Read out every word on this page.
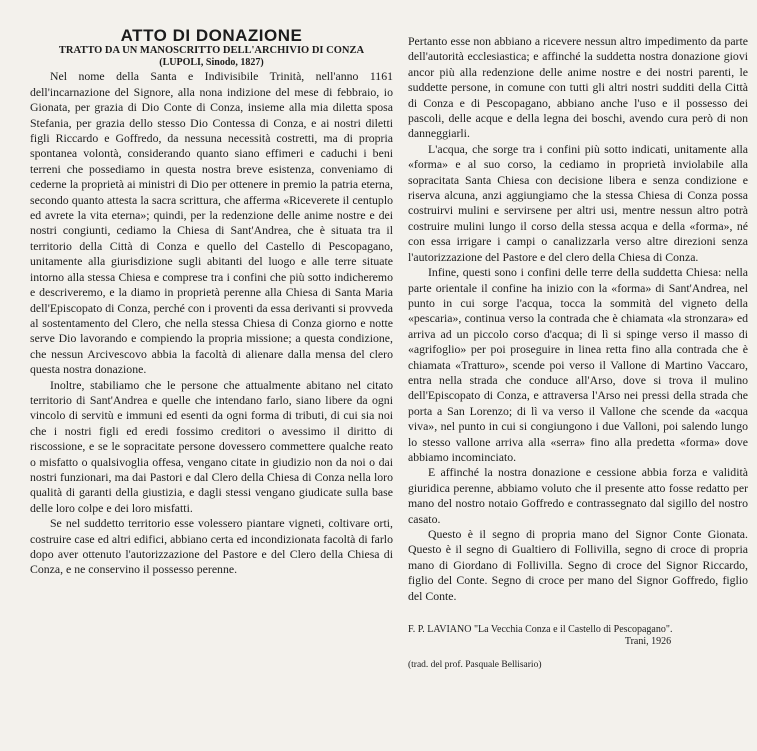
ATTO DI DONAZIONE

TRATTO DA UN MANOSCRITTO DELL'ARCHIVIO DI CONZA

(LUPOLI, Sinodo, 1827)

Nel nome della Santa e Indivisibile Trinità, nell'anno 1161 dell'incarnazione del Signore, alla nona indizione del mese di febbraio, io Gionata, per grazia di Dio Conte di Conza, insieme alla mia diletta sposa Stefania, per grazia dello stesso Dio Contessa di Conza, e ai nostri diletti figli Riccardo e Goffredo, da nessuna necessità costretti, ma di propria spontanea volontà, considerando quanto siano effimeri e caduchi i beni terreni che possediamo in questa nostra breve esistenza, conveniamo di cederne la proprietà ai ministri di Dio per ottenere in premio la patria eterna, secondo quanto attesta la sacra scrittura, che afferma «Riceverete il centuplo ed avrete la vita eterna»; quindi, per la redenzione delle anime nostre e dei nostri congiunti, cediamo la Chiesa di Sant'Andrea, che è situata tra il territorio della Città di Conza e quello del Castello di Pescopagano, unitamente alla giurisdizione sugli abitanti del luogo e alle terre situate intorno alla stessa Chiesa e comprese tra i confini che più sotto indicheremo e descriveremo, e la diamo in proprietà perenne alla Chiesa di Santa Maria dell'Episcopato di Conza, perché con i proventi da essa derivanti si provveda al sostentamento del Clero, che nella stessa Chiesa di Conza giorno e notte serve Dio lavorando e compiendo la propria missione; a questa condizione, che nessun Arcivescovo abbia la facoltà di alienare dalla mensa del clero questa nostra donazione.

Inoltre, stabiliamo che le persone che attualmente abitano nel citato territorio di Sant'Andrea e quelle che intendano farlo, siano libere da ogni vincolo di servitù e immuni ed esenti da ogni forma di tributi, di cui sia noi che i nostri figli ed eredi fossimo creditori o avessimo il diritto di riscossione, e se le sopracitate persone dovessero commettere qualche reato o misfatto o qualsivoglia offesa, vengano citate in giudizio non da noi o dai nostri funzionari, ma dai Pastori e dal Clero della Chiesa di Conza nella loro qualità di garanti della giustizia, e dagli stessi vengano giudicate sulla base delle loro colpe e dei loro misfatti.

Se nel suddetto territorio esse volessero piantare vigneti, coltivare orti, costruire case ed altri edifici, abbiano certa ed incondizionata facoltà di farlo dopo aver ottenuto l'autorizzazione del Pastore e del Clero della Chiesa di Conza, e ne conservino il possesso perenne.

Pertanto esse non abbiano a ricevere nessun altro impedimento da parte dell'autorità ecclesiastica; e affinché la suddetta nostra donazione giovi ancor più alla redenzione delle anime nostre e dei nostri parenti, le suddette persone, in comune con tutti gli altri nostri sudditi della Città di Conza e di Pescopagano, abbiano anche l'uso e il possesso dei pascoli, delle acque e della legna dei boschi, avendo cura però di non danneggiarli.

L'acqua, che sorge tra i confini più sotto indicati, unitamente alla «forma» e al suo corso, la cediamo in proprietà inviolabile alla sopracitata Santa Chiesa con decisione libera e senza condizione e riserva alcuna, anzi aggiungiamo che la stessa Chiesa di Conza possa costruirvi mulini e servirsene per altri usi, mentre nessun altro potrà costruire mulini lungo il corso della stessa acqua e della «forma», né con essa irrigare i campi o canalizzarla verso altre direzioni senza l'autorizzazione del Pastore e del clero della Chiesa di Conza.

Infine, questi sono i confini delle terre della suddetta Chiesa: nella parte orientale il confine ha inizio con la «forma» di Sant'Andrea, nel punto in cui sorge l'acqua, tocca la sommità del vigneto della «pescaria», continua verso la contrada che è chiamata «la stronzara» ed arriva ad un piccolo corso d'acqua; di lì si spinge verso il masso di «agrifoglio» per poi proseguire in linea retta fino alla contrada che è chiamata «Tratturo», scende poi verso il Vallone di Martino Vaccaro, entra nella strada che conduce all'Arso, dove si trova il mulino dell'Episcopato di Conza, e attraversa l'Arso nei pressi della strada che porta a San Lorenzo; di lì va verso il Vallone che scende da «acqua viva», nel punto in cui si congiungono i due Valloni, poi salendo lungo lo stesso vallone arriva alla «serra» fino alla predetta «forma» dove abbiamo incominciato.

E affinché la nostra donazione e cessione abbia forza e validità giuridica perenne, abbiamo voluto che il presente atto fosse redatto per mano del nostro notaio Goffredo e contrassegnato dal sigillo del nostro casato.

Questo è il segno di propria mano del Signor Conte Gionata. Questo è il segno di Gualtiero di Follivilla, segno di croce di propria mano di Giordano di Follivilla. Segno di croce del Signor Riccardo, figlio del Conte. Segno di croce per mano del Signor Goffredo, figlio del Conte.

F. P. LAVIANO "La Vecchia Conza e il Castello di Pescopagano".
Trani, 1926
(trad. del prof. Pasquale Bellisario)
